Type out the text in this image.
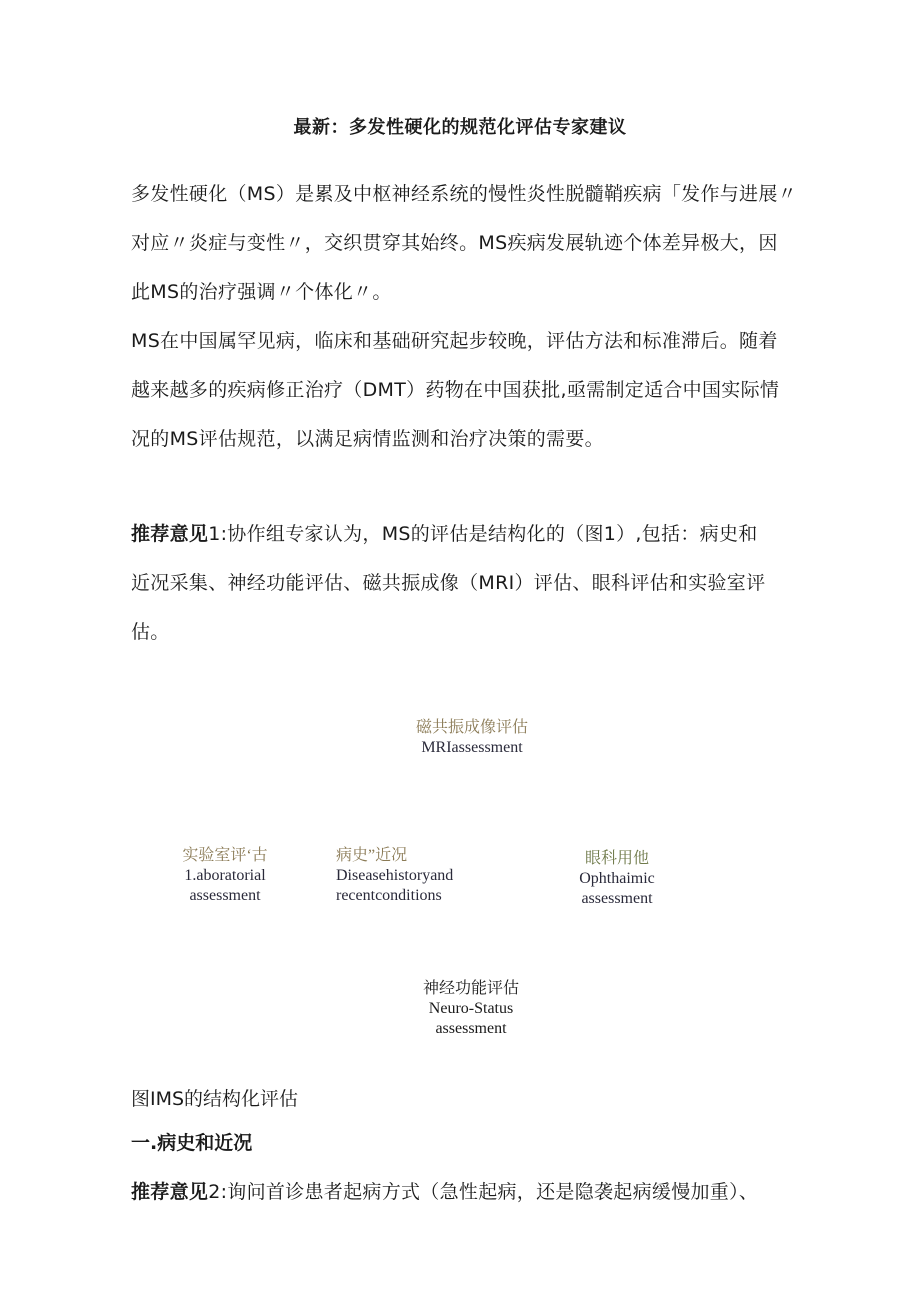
最新：多发性硬化的规范化评估专家建议

多发性硬化（MS）是累及中枢神经系统的慢性炎性脱髓鞘疾病「发作与进展〃
对应〃炎症与变性〃，交织贯穿其始终。MS疾病发展轨迹个体差异极大，因
此MS的治疗强调〃个体化〃。

MS在中国属罕见病，临床和基础研究起步较晚，评估方法和标准滞后。随着
越来越多的疾病修正治疗（DMT）药物在中国获批,亟需制定适合中国实际情
况的MS评估规范，以满足病情监测和治疗决策的需要。

推荐意见1:协作组专家认为，MS的评估是结构化的（图1）,包括：病史和
近况采集、神经功能评估、磁共振成像（MRI）评估、眼科评估和实验室评
估。

磁共振成像评估
MRIassessment
实验室评‘古
1.aboratorial
assessment
病史”近况
Diseasehistoryand
recentconditions
眼科用他
Ophthaimic
assessment
神经功能评估
Neuro-Status
assessment
图IMS的结构化评估
一.病史和近况
推荐意见2:询问首诊患者起病方式（急性起病，还是隐袭起病缓慢加重）、
